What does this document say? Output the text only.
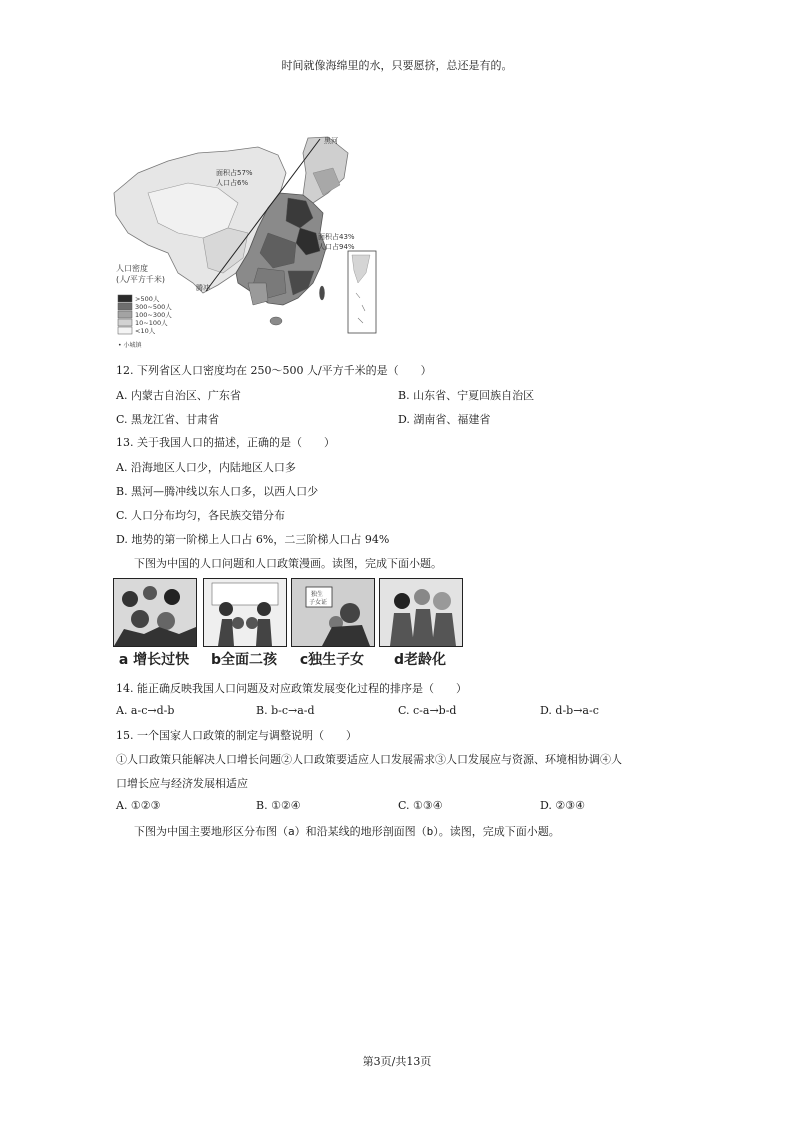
时间就像海绵里的水，只要愿挤，总还是有的。
黑河
腾冲
面积占57%
人口占6%
面积占43%
人口占94%
人口密度
(人/平方千米)
>500人
300~500人
100~300人
10~100人
<10人
• 小城镇
12. 下列省区人口密度均在 250～500 人/平方千米的是（　　）
A. 内蒙古自治区、广东省	B. 山东省、宁夏回族自治区
C. 黑龙江省、甘肃省	D. 湖南省、福建省
13. 关于我国人口的描述，正确的是（　　）
A. 沿海地区人口少，内陆地区人口多
B. 黑河—腾冲线以东人口多，以西人口少
C. 人口分布均匀，各民族交错分布
D. 地势的第一阶梯上人口占 6%，二三阶梯人口占 94%
下图为中国的人口问题和人口政策漫画。读图，完成下面小题。
独生
子女证
a 增长过快	b全面二孩	c独生子女	d老龄化
14. 能正确反映我国人口问题及对应政策发展变化过程的排序是（　　）
A. a-c→d-b	B. b-c→a-d	C. c-a→b-d	D. d-b→a-c
15. 一个国家人口政策的制定与调整说明（　　）
①人口政策只能解决人口增长问题②人口政策要适应人口发展需求③人口发展应与资源、环境相协调④人
口增长应与经济发展相适应
A. ①②③	B. ①②④	C. ①③④	D. ②③④
下图为中国主要地形区分布图（a）和沿某线的地形剖面图（b）。读图，完成下面小题。
第3页/共13页
